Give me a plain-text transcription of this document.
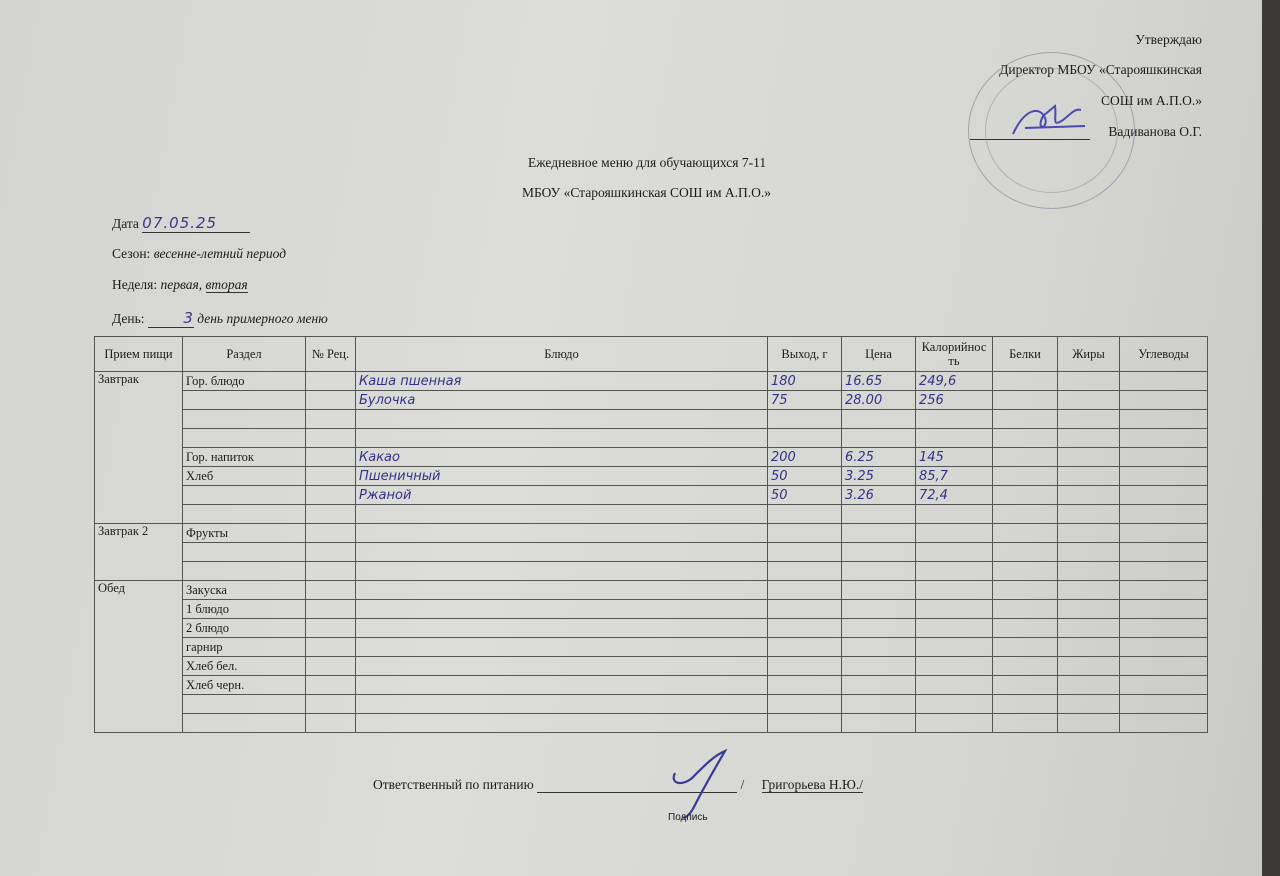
Утверждаю
Директор МБОУ «Старояшкинская
СОШ им А.П.О.»
Вадиванова О.Г.
Ежедневное меню для обучающихся 7-11
МБОУ «Старояшкинская СОШ им А.П.О.»
Дата 07.05.25
Сезон: весенне-летний период
Неделя: первая, вторая
День:	3 день примерного меню
Прием пищи	Раздел	№ Рец.	Блюдо	Выход, г	Цена	Калорийность	Белки	Жиры	Углеводы
Завтрак	Гор. блюдо		Каша пшенная	180	16.65	249,6			
			Булочка	75	28.00	256			

	Гор. напиток		Какао	200	6.25	145			
	Хлеб		Пшеничный	50	3.25	85,7			
			Ржаной	50	3.26	72,4			

Завтрак 2	Фрукты								

Обед	Закуска								
	1 блюдо								
	2 блюдо								
	гарнир								
	Хлеб бел.								
	Хлеб черн.								

Ответственный по питанию	/ Григорьева Н.Ю./
Подпись
